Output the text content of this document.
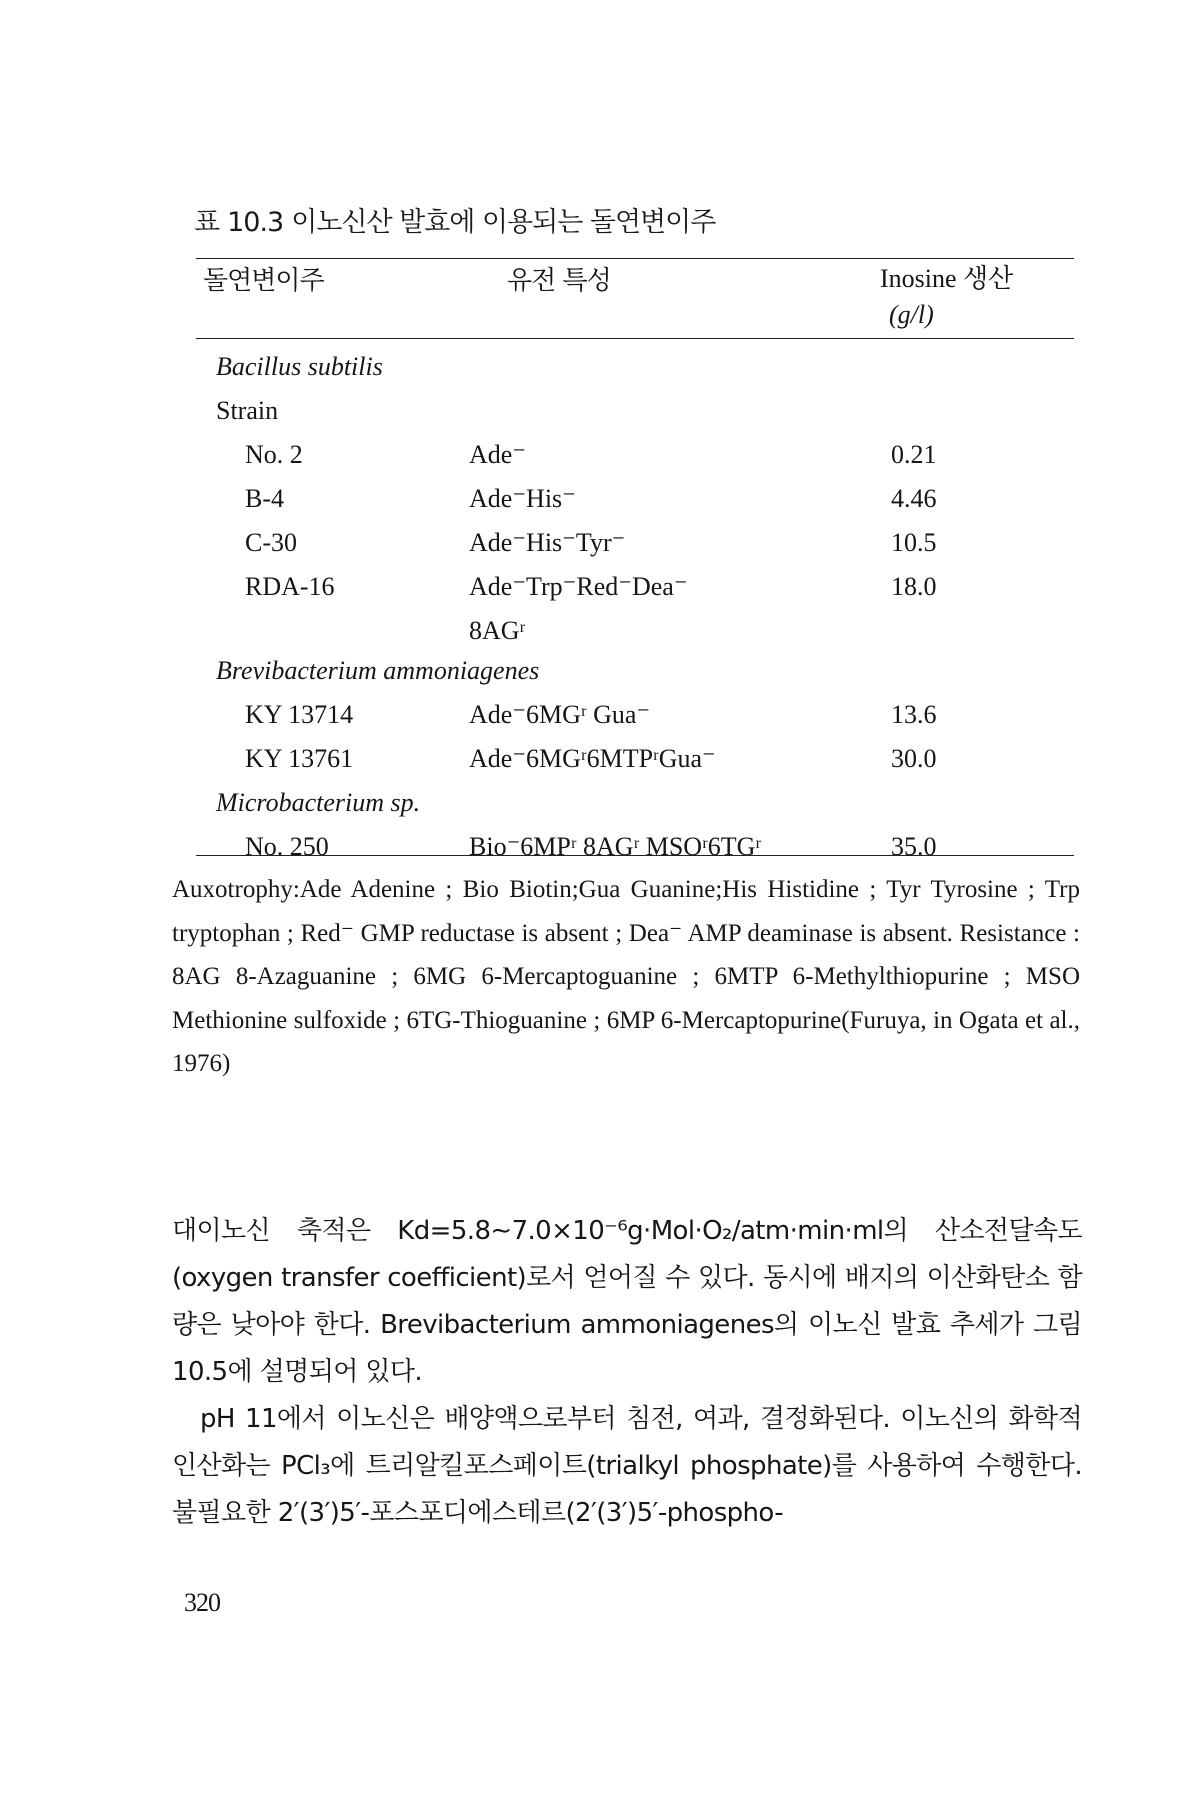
표 10.3 이노신산 발효에 이용되는 돌연변이주
돌연변이주	유전 특성	Inosine 생산
(g/l)
Bacillus subtilis
Strain
No. 2	Ade⁻	0.21
B-4	Ade⁻His⁻	4.46
C-30	Ade⁻His⁻Tyr⁻	10.5
RDA-16	Ade⁻Trp⁻Red⁻Dea⁻	18.0
8AGʳ
Brevibacterium ammoniagenes
KY 13714	Ade⁻6MGʳ Gua⁻	13.6
KY 13761	Ade⁻6MGʳ6MTPʳGua⁻	30.0
Microbacterium sp.
No. 250	Bio⁻6MPʳ 8AGʳ MSOʳ6TGʳ	35.0
Auxotrophy:Ade Adenine ; Bio Biotin;Gua Guanine;His Histidine ; Tyr Tyrosine ; Trp tryptophan ; Red⁻ GMP reductase is absent ; Dea⁻ AMP deaminase is absent. Resistance : 8AG 8-Azaguanine ; 6MG 6-Mercaptoguanine ; 6MTP 6-Methylthiopurine ; MSO Methionine sulfoxide ; 6TG-Thioguanine ; 6MP 6-Mercaptopurine(Furuya, in Ogata et al., 1976)

대이노신 축적은 Kd=5.8∼7.0×10⁻⁶g·Mol·O₂/atm·min·ml의 산소전달속도(oxygen transfer coefficient)로서 얻어질 수 있다. 동시에 배지의 이산화탄소 함량은 낮아야 한다. Brevibacterium ammoniagenes의 이노신 발효 추세가 그림 10.5에 설명되어 있다.

pH 11에서 이노신은 배양액으로부터 침전, 여과, 결정화된다. 이노신의 화학적 인산화는 PCl₃에 트리알킬포스페이트(trialkyl phosphate)를 사용하여 수행한다. 불필요한 2′(3′)5′-포스포디에스테르(2′(3′)5′-phospho-

320
